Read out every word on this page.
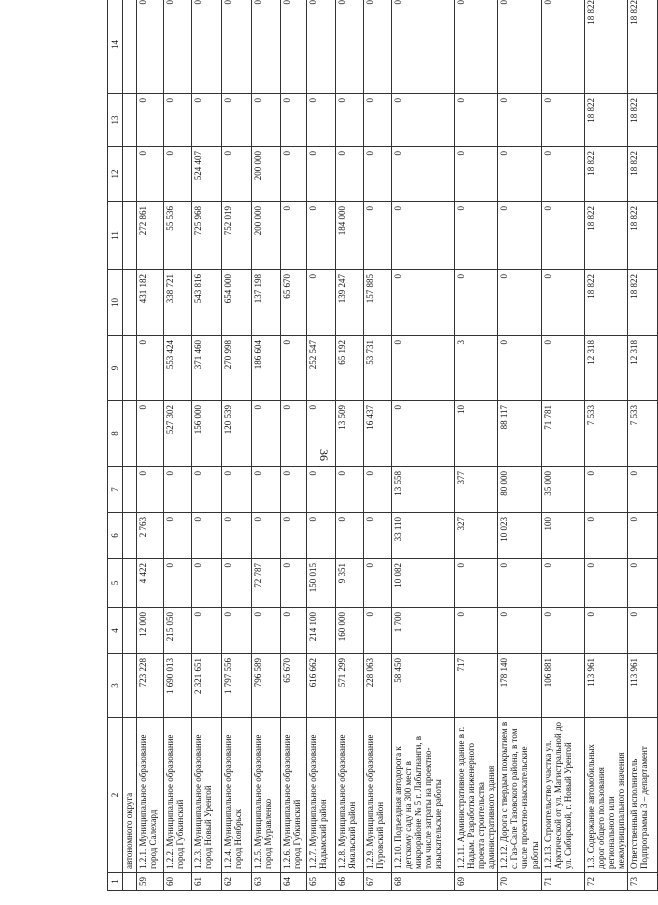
36
1	2	3	4	5	6	7	8	9	10	11	12	13	14
	автономного округа												
59	1.2.1. Муниципальное образование город Салехард	723 228	12 000	4 422	2 763	0	0	0	431 182	272 861	0	0	0
60	1.2.2. Муниципальное образование город Губкинский	1 690 013	215 050	0	0	0	527 302	553 424	338 721	55 536	0	0	0
61	1.2.3. Муниципальное образование город Новый Уренгой	2 321 651	0	0	0	0	156 000	371 460	543 816	725 968	524 407	0	0
62	1.2.4. Муниципальное образование город Ноябрьск	1 797 556	0	0	0	0	120 539	270 998	654 000	752 019	0	0	0
63	1.2.5. Муниципальное образование город Муравленко	796 589	0	72 787	0	0	0	186 604	137 198	200 000	200 000	0	0
64	1.2.6. Муниципальное образование город Губкинский	65 670	0	0	0	0	0	0	65 670	0	0	0	0
65	1.2.7. Муниципальное образование Надымский район	616 662	214 100	150 015	0	0	0	252 547	0	0	0	0	0
66	1.2.8. Муниципальное образование Ямальский район	571 299	160 000	9 351	0	0	13 509	65 192	139 247	184 000	0	0	0
67	1.2.9. Муниципальное образование Пуровский район	228 063	0	0	0	0	16 437	53 731	157 885	0	0	0	0
68	1.2.10. Подъездная автодорога к детскому саду на 300 мест в микрорайоне № 5 г. Лабытнанги, в том числе затраты на проектно-изыскательские работы	58 450	1 700	10 082	33 110	13 558	0	0	0	0	0	0	0
69	1.2.11. Административное здание в г. Надым. Разработка инженерного проекта строительства административного здания	717	0	0	327	377	10	3	0	0	0	0	0
70	1.2.12. Дорога с твердым покрытием в с. Газ-Сале Тазовского района, в том числе проектно-изыскательские работы	178 140	0	0	10 023	80 000	88 117	0	0	0	0	0	0
71	1.2.13. Строительство участка ул. Арктической от ул. Магистральной до ул. Сибирской, г. Новый Уренгой	106 881	0	0	100	35 000	71 781	0	0	0	0	0	0
72	1.3. Содержание автомобильных дорог общего пользования регионального или межмуниципального значения	113 961	0	0	0	0	7 533	12 318	18 822	18 822	18 822	18 822	18 822
73	Ответственный исполнитель Подпрограммы 3 – департамент	113 961	0	0	0	0	7 533	12 318	18 822	18 822	18 822	18 822	18 822
